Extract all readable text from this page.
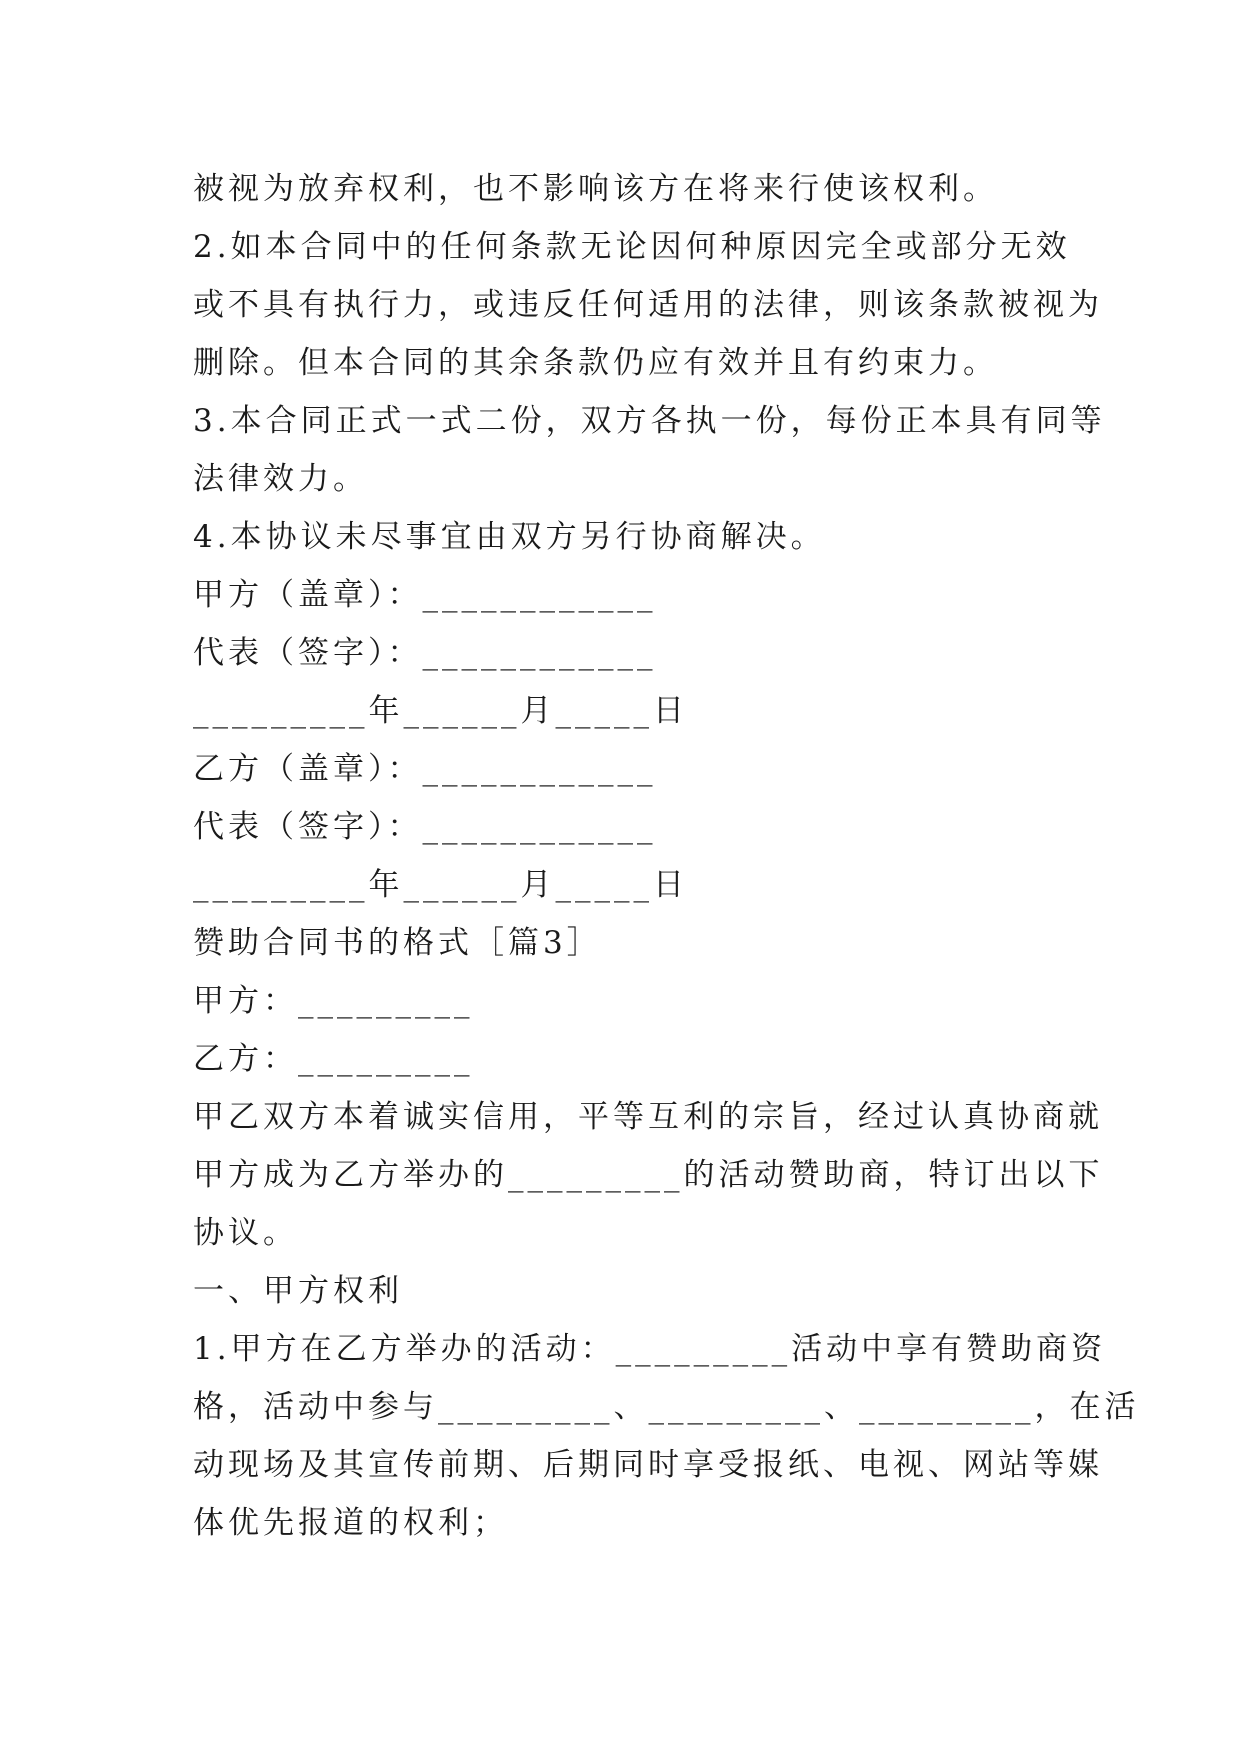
被视为放弃权利，也不影响该方在将来行使该权利。
2.如本合同中的任何条款无论因何种原因完全或部分无效
或不具有执行力，或违反任何适用的法律，则该条款被视为
删除。但本合同的其余条款仍应有效并且有约束力。
3.本合同正式一式二份，双方各执一份，每份正本具有同等
法律效力。
4.本协议未尽事宜由双方另行协商解决。
甲方（盖章）：____________
代表（签字）：____________
_________年______月_____日
乙方（盖章）：____________
代表（签字）：____________
_________年______月_____日
赞助合同书的格式［篇3］
甲方：_________
乙方：_________
甲乙双方本着诚实信用，平等互利的宗旨，经过认真协商就
甲方成为乙方举办的_________的活动赞助商，特订出以下
协议。
一、甲方权利
1.甲方在乙方举办的活动：_________活动中享有赞助商资
格，活动中参与_________、_________、_________，在活
动现场及其宣传前期、后期同时享受报纸、电视、网站等媒
体优先报道的权利；
